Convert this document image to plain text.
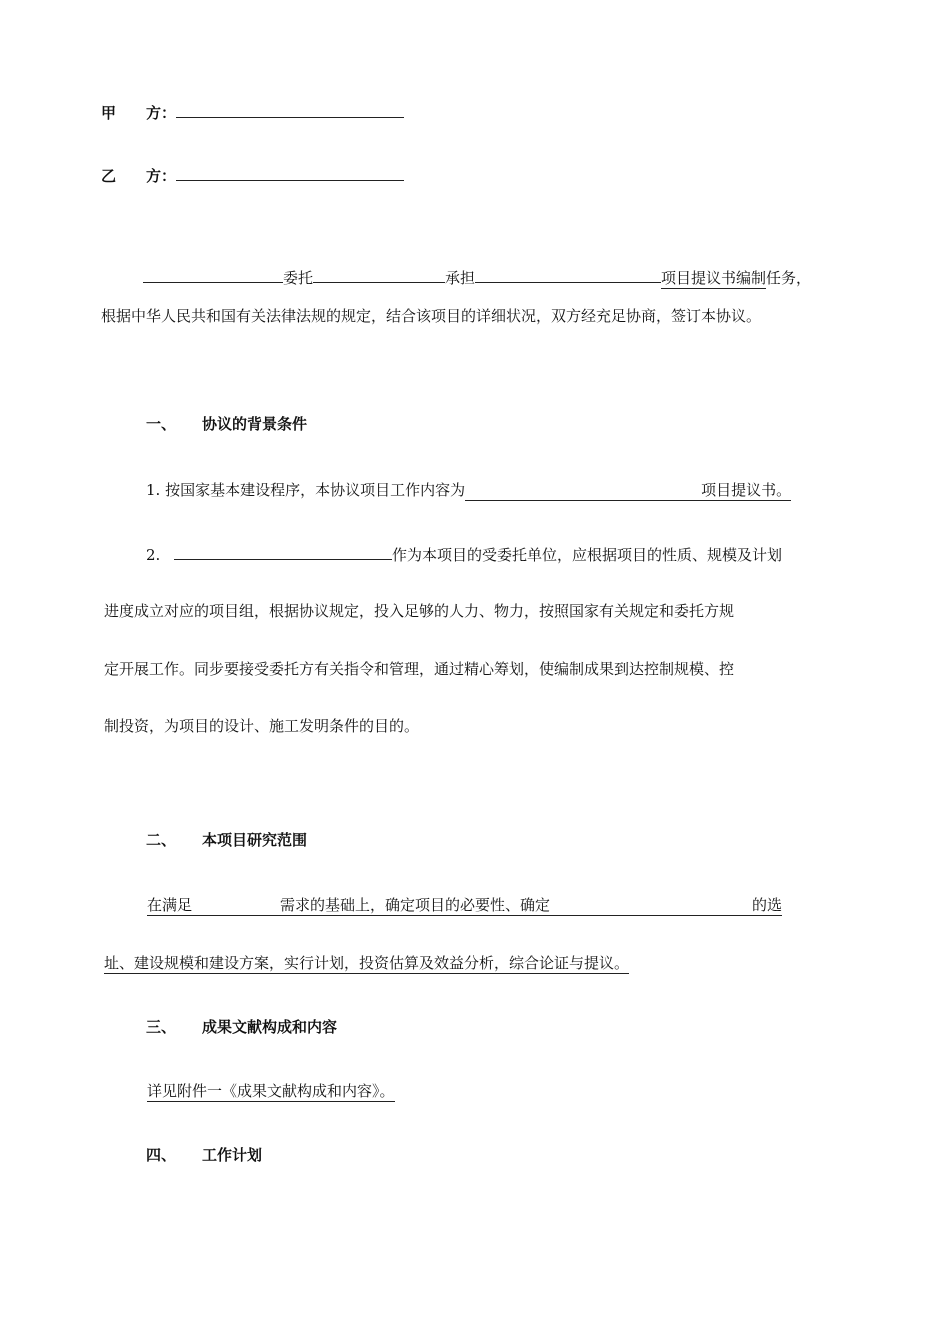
甲　　方：
乙　　方：
委托	承担	项目提议书编制任务，
根据中华人民共和国有关法律法规的规定，结合该项目的详细状况，双方经充足协商，签订本协议。
一、 协议的背景条件
1. 按国家基本建设程序，本协议项目工作内容为	项目提议书。
2.	作为本项目的受委托单位，应根据项目的性质、规模及计划
进度成立对应的项目组，根据协议规定，投入足够的人力、物力，按照国家有关规定和委托方规
定开展工作。同步要接受委托方有关指令和管理，通过精心筹划，使编制成果到达控制规模、控
制投资，为项目的设计、施工发明条件的目的。
二、 本项目研究范围
在满足	需求的基础上，确定项目的必要性、确定	的选
址、建设规模和建设方案，实行计划，投资估算及效益分析，综合论证与提议。
三、 成果文献构成和内容
详见附件一《成果文献构成和内容》。
四、 工作计划
